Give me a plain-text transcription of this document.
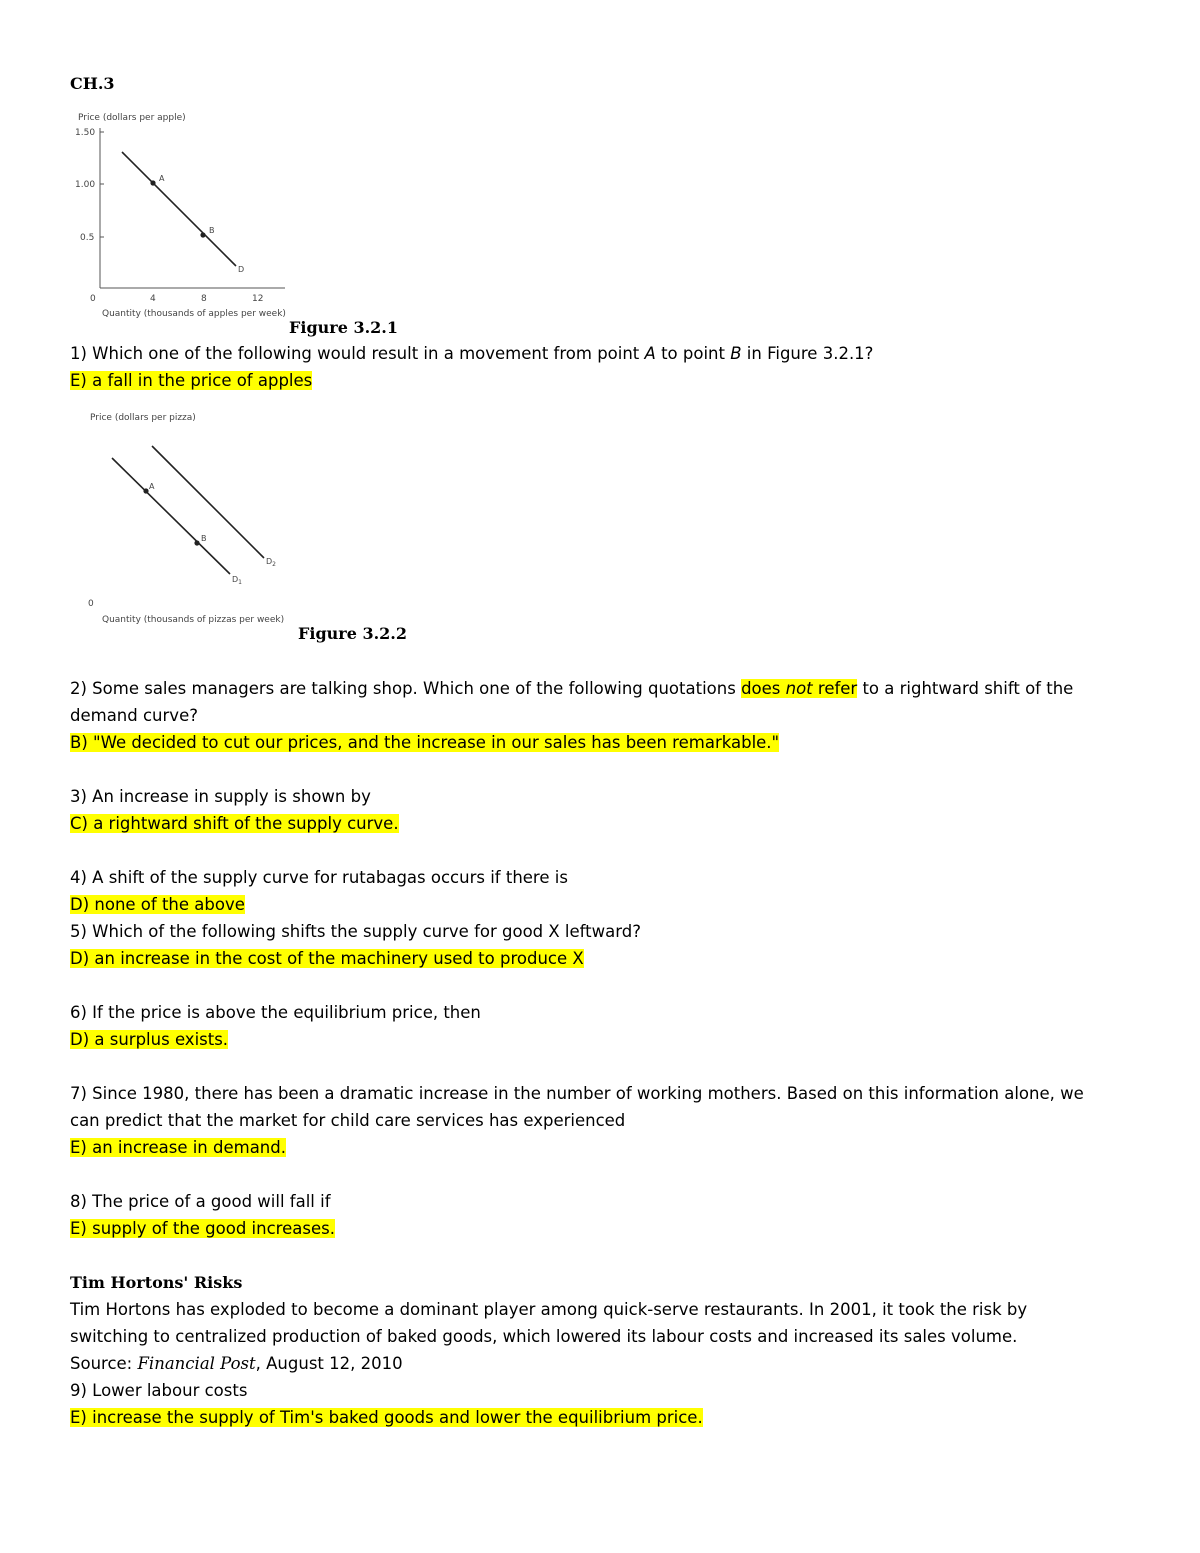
CH.3
Price (dollars per apple)
1.50
1.00
0.5
0	4	8	12
A
B
D
Quantity (thousands of apples per week)
Figure 3.2.1
1) Which one of the following would result in a movement from point A to point B in Figure 3.2.1?
E) a fall in the price of apples
Price (dollars per pizza)
A
B
$D_1$
$D_2$
0
Quantity (thousands of pizzas per week)
Figure 3.2.2
2) Some sales managers are talking shop. Which one of the following quotations does not refer to a rightward shift of the
demand curve?
B) "We decided to cut our prices, and the increase in our sales has been remarkable."
3) An increase in supply is shown by
C) a rightward shift of the supply curve.
4) A shift of the supply curve for rutabagas occurs if there is
D) none of the above
5) Which of the following shifts the supply curve for good X leftward?
D) an increase in the cost of the machinery used to produce X
6) If the price is above the equilibrium price, then
D) a surplus exists.
7) Since 1980, there has been a dramatic increase in the number of working mothers. Based on this information alone, we
can predict that the market for child care services has experienced
E) an increase in demand.
8) The price of a good will fall if
E) supply of the good increases.
Tim Hortons' Risks
Tim Hortons has exploded to become a dominant player among quick-serve restaurants. In 2001, it took the risk by
switching to centralized production of baked goods, which lowered its labour costs and increased its sales volume.
Source: Financial Post, August 12, 2010
9) Lower labour costs
E) increase the supply of Tim's baked goods and lower the equilibrium price.
